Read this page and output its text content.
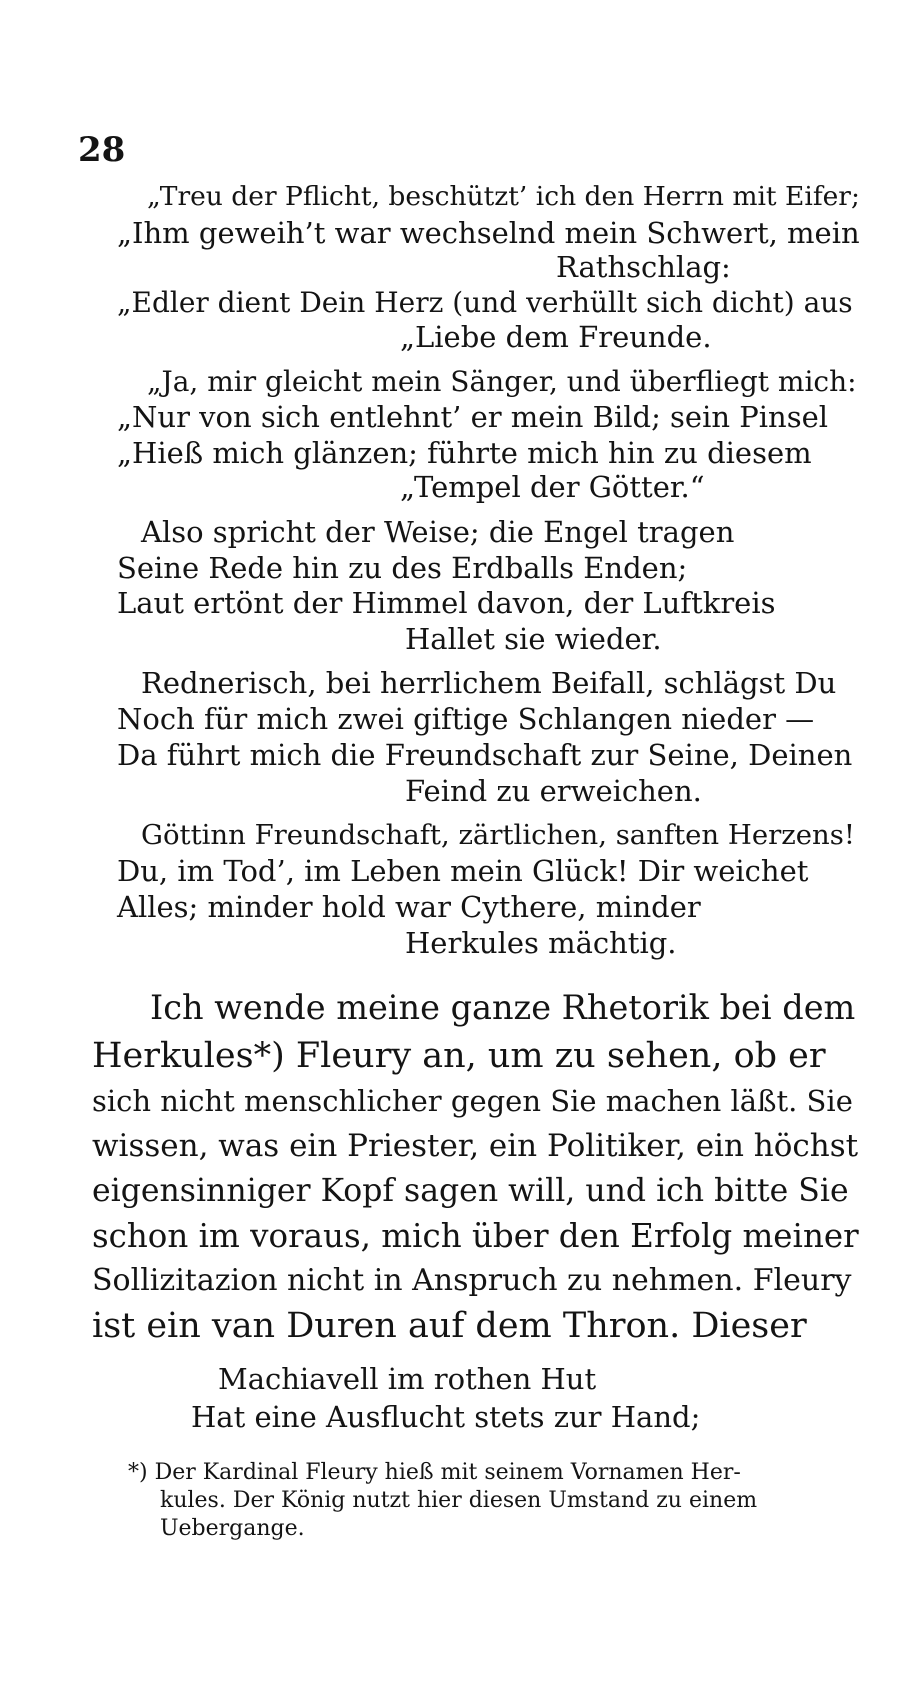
28
„Treu der Pflicht, beschützt’ ich den Herrn mit Eifer;
„Ihm geweih’t war wechselnd mein Schwert, mein
Rathschlag:
„Edler dient Dein Herz (und verhüllt sich dicht) aus
„Liebe dem Freunde.
„Ja, mir gleicht mein Sänger, und überfliegt mich:
„Nur von sich entlehnt’ er mein Bild; sein Pinsel
„Hieß mich glänzen; führte mich hin zu diesem
„Tempel der Götter.“
Also spricht der Weise; die Engel tragen
Seine Rede hin zu des Erdballs Enden;
Laut ertönt der Himmel davon, der Luftkreis
Hallet sie wieder.
Rednerisch, bei herrlichem Beifall, schlägst Du
Noch für mich zwei giftige Schlangen nieder —
Da führt mich die Freundschaft zur Seine, Deinen
Feind zu erweichen.
Göttinn Freundschaft, zärtlichen, sanften Herzens!
Du, im Tod’, im Leben mein Glück! Dir weichet
Alles; minder hold war Cythere, minder
Herkules mächtig.
Ich wende meine ganze Rhetorik bei dem
Herkules*) Fleury an, um zu sehen, ob er
sich nicht menschlicher gegen Sie machen läßt. Sie
wissen, was ein Priester, ein Politiker, ein höchst
eigensinniger Kopf sagen will, und ich bitte Sie
schon im voraus, mich über den Erfolg meiner
Sollizitazion nicht in Anspruch zu nehmen. Fleury
ist ein van Duren auf dem Thron. Dieser
Machiavell im rothen Hut
Hat eine Ausflucht stets zur Hand;
*) Der Kardinal Fleury hieß mit seinem Vornamen Her-
kules. Der König nutzt hier diesen Umstand zu einem
Uebergange.
